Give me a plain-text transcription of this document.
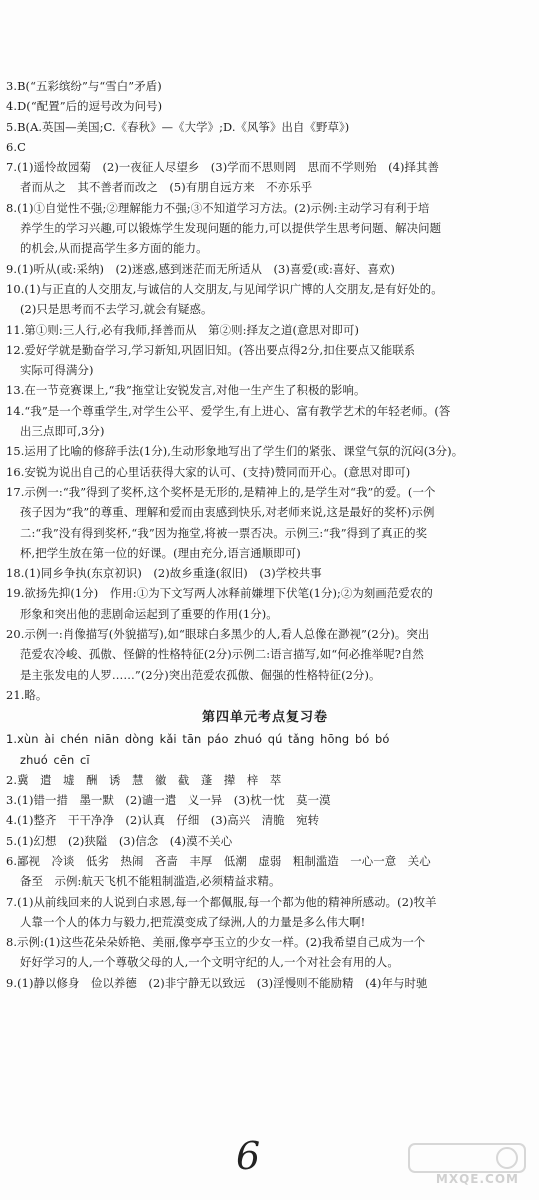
3.B(“五彩缤纷”与“雪白”矛盾)
4.D(“配置”后的逗号改为问号)
5.B(A.英国—美国;C.《春秋》—《大学》;D.《风筝》出自《野草》)
6.C
7.(1)遥怜故园菊　(2)一夜征人尽望乡　(3)学而不思则罔　思而不学则殆　(4)择其善
者而从之　其不善者而改之　(5)有朋自远方来　不亦乐乎
8.(1)①自觉性不强;②理解能力不强;③不知道学习方法。(2)示例:主动学习有利于培
养学生的学习兴趣,可以锻炼学生发现问题的能力,可以提供学生思考问题、解决问题
的机会,从而提高学生多方面的能力。
9.(1)听从(或:采纳)　(2)迷惑,感到迷茫而无所适从　(3)喜爱(或:喜好、喜欢)
10.(1)与正直的人交朋友,与诚信的人交朋友,与见闻学识广博的人交朋友,是有好处的。
(2)只是思考而不去学习,就会有疑惑。
11.第①则:三人行,必有我师,择善而从　第②则:择友之道(意思对即可)
12.爱好学就是勤奋学习,学习新知,巩固旧知。(答出要点得2分,扣住要点又能联系
实际可得满分)
13.在一节竞赛课上,“我”拖堂让安锐发言,对他一生产生了积极的影响。
14.“我”是一个尊重学生,对学生公平、爱学生,有上进心、富有教学艺术的年轻老师。(答
出三点即可,3分)
15.运用了比喻的修辞手法(1分),生动形象地写出了学生们的紧张、课堂气氛的沉闷(3分)。
16.安锐为说出自己的心里话获得大家的认可、(支持)赞同而开心。(意思对即可)
17.示例一:“我”得到了奖杯,这个奖杯是无形的,是精神上的,是学生对“我”的爱。(一个
孩子因为“我”的尊重、理解和爱而由衷感到快乐,对老师来说,这是最好的奖杯)示例
二:“我”没有得到奖杯,“我”因为拖堂,将被一票否决。示例三:“我”得到了真正的奖
杯,把学生放在第一位的好课。(理由充分,语言通顺即可)
18.(1)同乡争执(东京初识)　(2)故乡重逢(叙旧)　(3)学校共事
19.欲扬先抑(1分)　作用:①为下文写两人冰释前嫌埋下伏笔(1分);②为刻画范爱农的
形象和突出他的悲剧命运起到了重要的作用(1分)。
20.示例一:肖像描写(外貌描写),如“眼球白多黑少的人,看人总像在渺视”(2分)。突出
范爱农冷峻、孤傲、怪僻的性格特征(2分)示例二:语言描写,如“何必推举呢?自然
是主张发电的人罗……”(2分)突出范爱农孤傲、倔强的性格特征(2分)。
21.略。
第四单元考点复习卷
1.xùn ài chén niān dòng kǎi tān páo zhuó qú tǎng hōng bó bó
zhuó cēn cī
2.冀　遣　墟　酬　诱　慧　徽　截　蓬　撵　梓　萃
3.(1)错一措　墨一默　(2)谴一遣　义一异　(3)枕一忱　莫一漠
4.(1)整齐　干干净净　(2)认真　仔细　(3)高兴　清脆　宛转
5.(1)幻想　(2)狭隘　(3)信念　(4)漠不关心
6.鄙视　冷谈　低劣　热闹　吝啬　丰厚　低潮　虚弱　粗制滥造　一心一意　关心
备至　示例:航天飞机不能粗制滥造,必须精益求精。
7.(1)从前线回来的人说到白求恩,每一个都佩服,每一个都为他的精神所感动。(2)牧羊
人靠一个人的体力与毅力,把荒漠变成了绿洲,人的力量是多么伟大啊!
8.示例:(1)这些花朵朵娇艳、美丽,像亭亭玉立的少女一样。(2)我希望自己成为一个
好好学习的人,一个尊敬父母的人,一个文明守纪的人,一个对社会有用的人。
9.(1)静以修身　俭以养德　(2)非宁静无以致远　(3)淫慢则不能励精　(4)年与时驰
6
MXQE.COM
